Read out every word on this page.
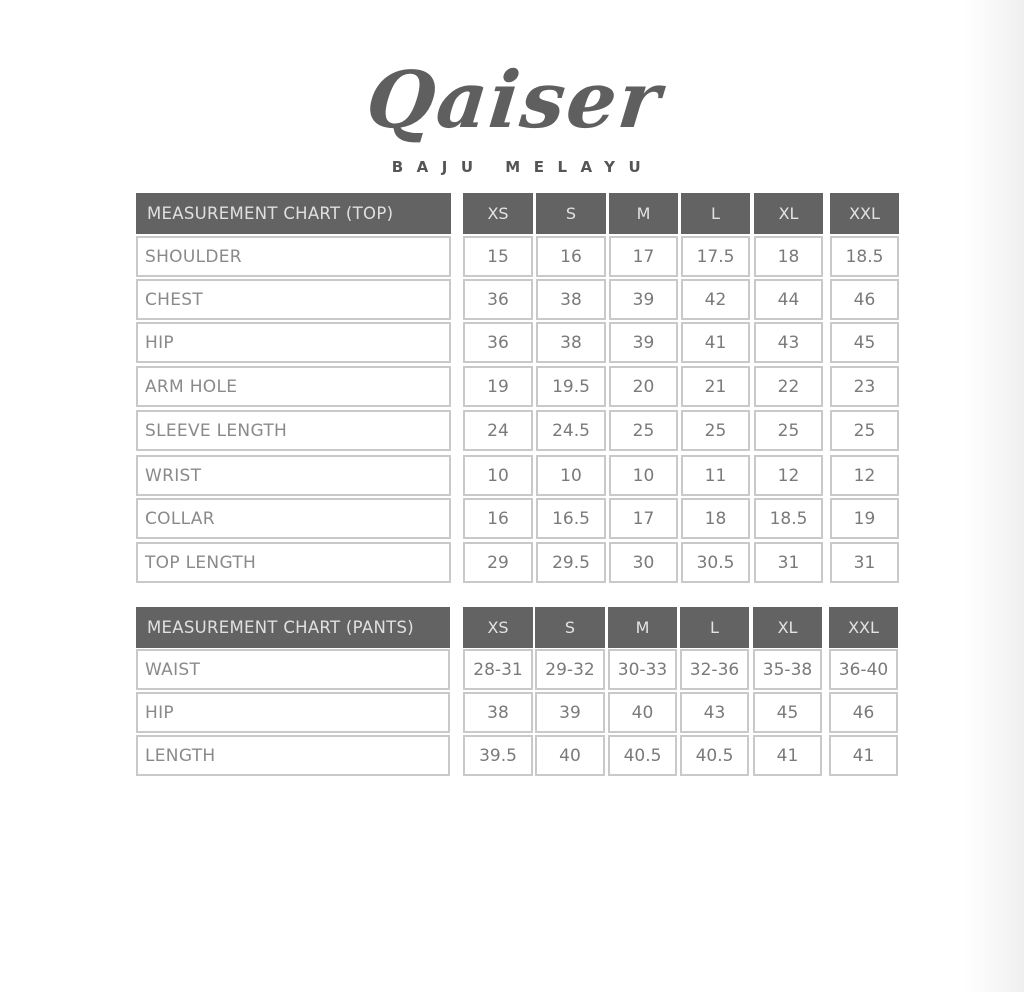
Qaiser
BAJU MELAYU
MEASUREMENT CHART (TOP)	XS	S	M	L	XL	XXL
SHOULDER	15	16	17	17.5	18	18.5
CHEST	36	38	39	42	44	46
HIP	36	38	39	41	43	45
ARM HOLE	19	19.5	20	21	22	23
SLEEVE LENGTH	24	24.5	25	25	25	25
WRIST	10	10	10	11	12	12
COLLAR	16	16.5	17	18	18.5	19
TOP LENGTH	29	29.5	30	30.5	31	31
MEASUREMENT CHART (PANTS)	XS	S	M	L	XL	XXL
WAIST	28-31	29-32	30-33	32-36	35-38	36-40
HIP	38	39	40	43	45	46
LENGTH	39.5	40	40.5	40.5	41	41
